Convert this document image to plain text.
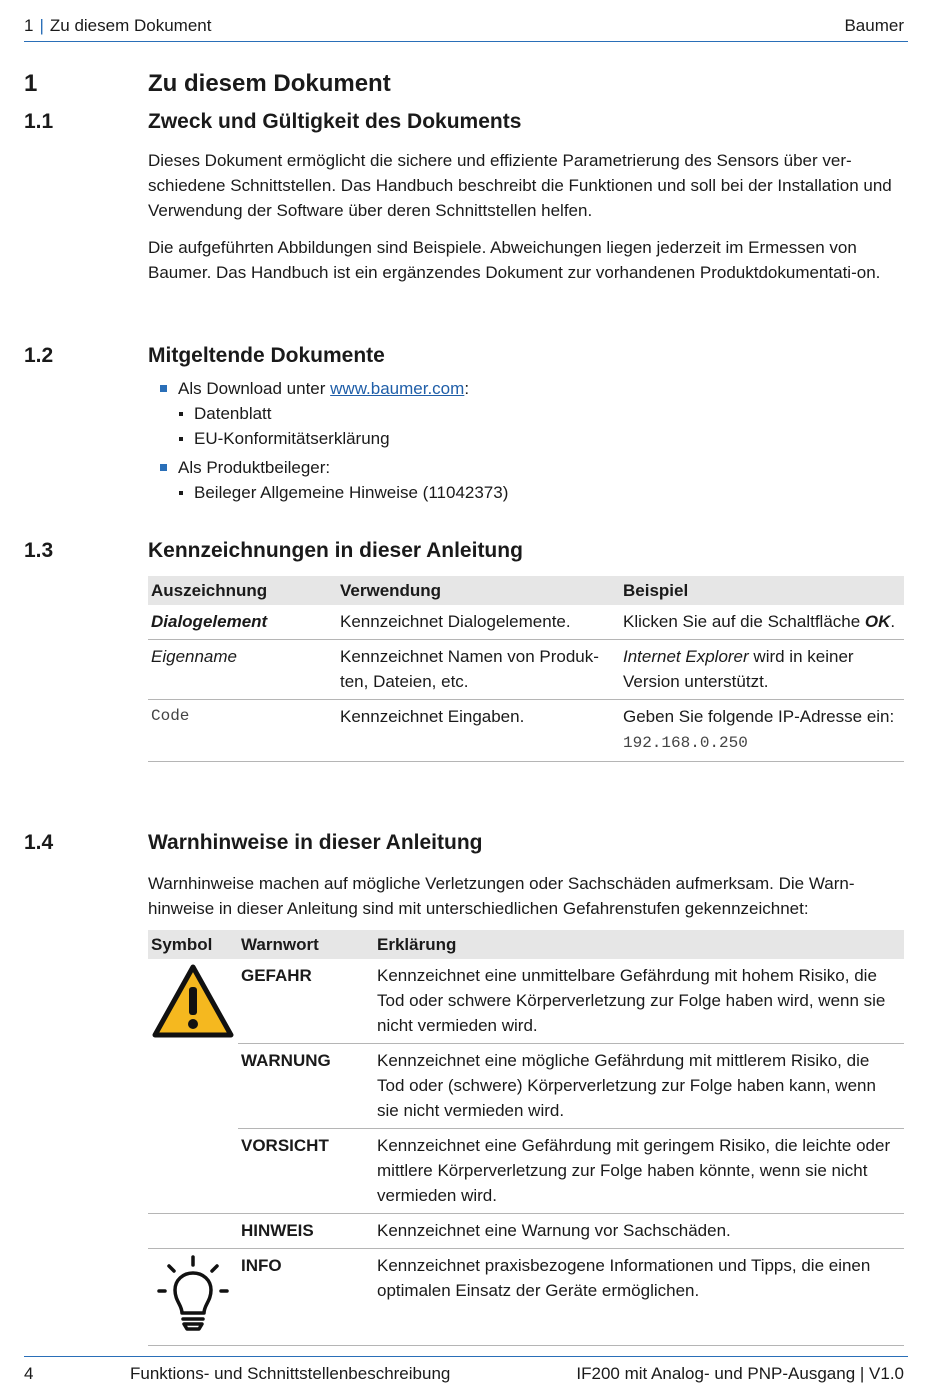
1 | Zu diesem Dokument	Baumer
1	Zu diesem Dokument
1.1	Zweck und Gültigkeit des Dokuments

Dieses Dokument ermöglicht die sichere und effiziente Parametrierung des Sensors über ver-schiedene Schnittstellen. Das Handbuch beschreibt die Funktionen und soll bei der Installation und Verwendung der Software über deren Schnittstellen helfen.

Die aufgeführten Abbildungen sind Beispiele. Abweichungen liegen jederzeit im Ermessen von Baumer. Das Handbuch ist ein ergänzendes Dokument zur vorhandenen Produktdokumentati-on.

1.2	Mitgeltende Dokumente
Als Download unter www.baumer.com:
Datenblatt
EU-Konformitätserklärung
Als Produktbeileger:
Beileger Allgemeine Hinweise (11042373)
1.3	Kennzeichnungen in dieser Anleitung
Auszeichnung	Verwendung	Beispiel
Dialogelement	Kennzeichnet Dialogelemente.	Klicken Sie auf die Schaltfläche OK.
Eigenname	Kennzeichnet Namen von Produk-ten, Dateien, etc.	Internet Explorer wird in keiner Version unterstützt.
Code	Kennzeichnet Eingaben.	Geben Sie folgende IP-Adresse ein:
192.168.0.250
1.4	Warnhinweise in dieser Anleitung

Warnhinweise machen auf mögliche Verletzungen oder Sachschäden aufmerksam. Die Warn-hinweise in dieser Anleitung sind mit unterschiedlichen Gefahrenstufen gekennzeichnet:

Symbol	Warnwort	Erklärung
	GEFAHR	Kennzeichnet eine unmittelbare Gefährdung mit hohem Risiko, die Tod oder schwere Körperverletzung zur Folge haben wird, wenn sie nicht vermieden wird.
	WARNUNG	Kennzeichnet eine mögliche Gefährdung mit mittlerem Risiko, die Tod oder (schwere) Körperverletzung zur Folge haben kann, wenn sie nicht vermieden wird.
	VORSICHT	Kennzeichnet eine Gefährdung mit geringem Risiko, die leichte oder mittlere Körperverletzung zur Folge haben könnte, wenn sie nicht vermieden wird.
	HINWEIS	Kennzeichnet eine Warnung vor Sachschäden.
	INFO	Kennzeichnet praxisbezogene Informationen und Tipps, die einen optimalen Einsatz der Geräte ermöglichen.
4	Funktions- und Schnittstellenbeschreibung	IF200 mit Analog- und PNP-Ausgang | V1.0
